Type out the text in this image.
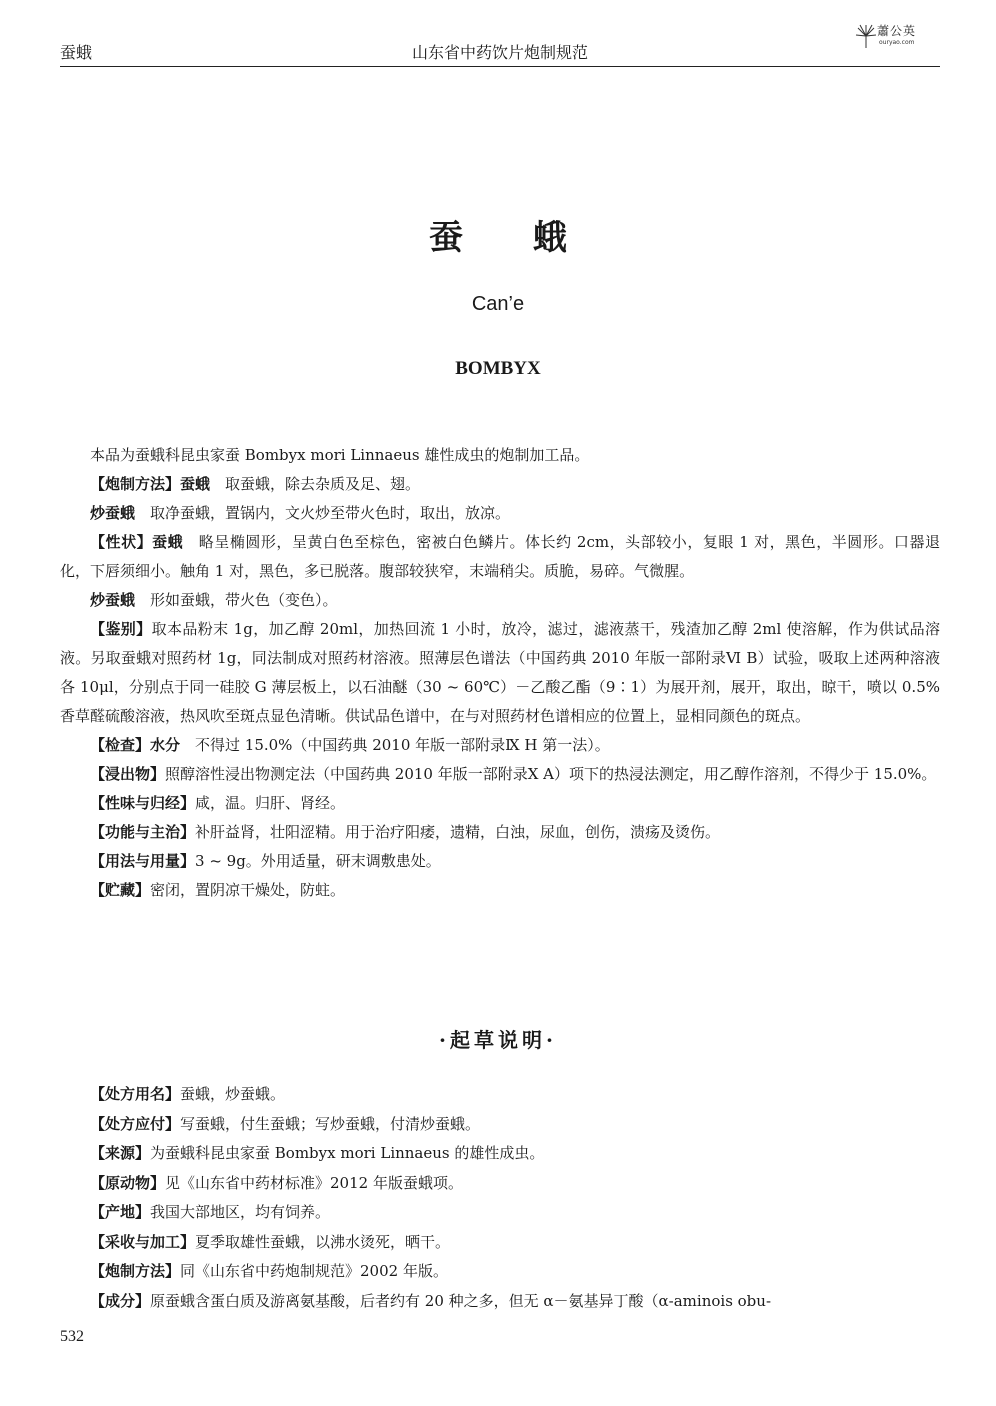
蚕蛾	山东省中药饮片炮制规范
蕭公英
ouryao.com
蚕蛾
Can’e
BOMBYX

本品为蚕蛾科昆虫家蚕 Bombyx mori Linnaeus 雄性成虫的炮制加工品。

【炮制方法】蚕蛾　取蚕蛾，除去杂质及足、翅。

炒蚕蛾　取净蚕蛾，置锅内，文火炒至带火色时，取出，放凉。

【性状】蚕蛾　略呈椭圆形，呈黄白色至棕色，密被白色鳞片。体长约 2cm，头部较小，复眼 1 对，黑色，半圆形。口器退化，下唇须细小。触角 1 对，黑色，多已脱落。腹部较狭窄，末端稍尖。质脆，易碎。气微腥。

炒蚕蛾　形如蚕蛾，带火色（变色）。

【鉴别】取本品粉末 1g，加乙醇 20ml，加热回流 1 小时，放冷，滤过，滤液蒸干，残渣加乙醇 2ml 使溶解，作为供试品溶液。另取蚕蛾对照药材 1g，同法制成对照药材溶液。照薄层色谱法（中国药典 2010 年版一部附录Ⅵ B）试验，吸取上述两种溶液各 10μl，分别点于同一硅胶 G 薄层板上，以石油醚（30 ~ 60℃）－乙酸乙酯（9∶1）为展开剂，展开，取出，晾干，喷以 0.5% 香草醛硫酸溶液，热风吹至斑点显色清晰。供试品色谱中，在与对照药材色谱相应的位置上，显相同颜色的斑点。

【检查】水分　不得过 15.0%（中国药典 2010 年版一部附录Ⅸ H 第一法）。

【浸出物】照醇溶性浸出物测定法（中国药典 2010 年版一部附录Ⅹ A）项下的热浸法测定，用乙醇作溶剂，不得少于 15.0%。

【性味与归经】咸，温。归肝、肾经。

【功能与主治】补肝益肾，壮阳涩精。用于治疗阳痿，遗精，白浊，尿血，创伤，溃疡及烫伤。

【用法与用量】3 ~ 9g。外用适量，研末调敷患处。

【贮藏】密闭，置阴凉干燥处，防蛀。

·起草说明·

【处方用名】蚕蛾，炒蚕蛾。

【处方应付】写蚕蛾，付生蚕蛾；写炒蚕蛾，付清炒蚕蛾。

【来源】为蚕蛾科昆虫家蚕 Bombyx mori Linnaeus 的雄性成虫。

【原动物】见《山东省中药材标准》2012 年版蚕蛾项。

【产地】我国大部地区，均有饲养。

【采收与加工】夏季取雄性蚕蛾，以沸水烫死，晒干。

【炮制方法】同《山东省中药炮制规范》2002 年版。

【成分】原蚕蛾含蛋白质及游离氨基酸，后者约有 20 种之多，但无 α－氨基异丁酸（α-aminois obu-

532
